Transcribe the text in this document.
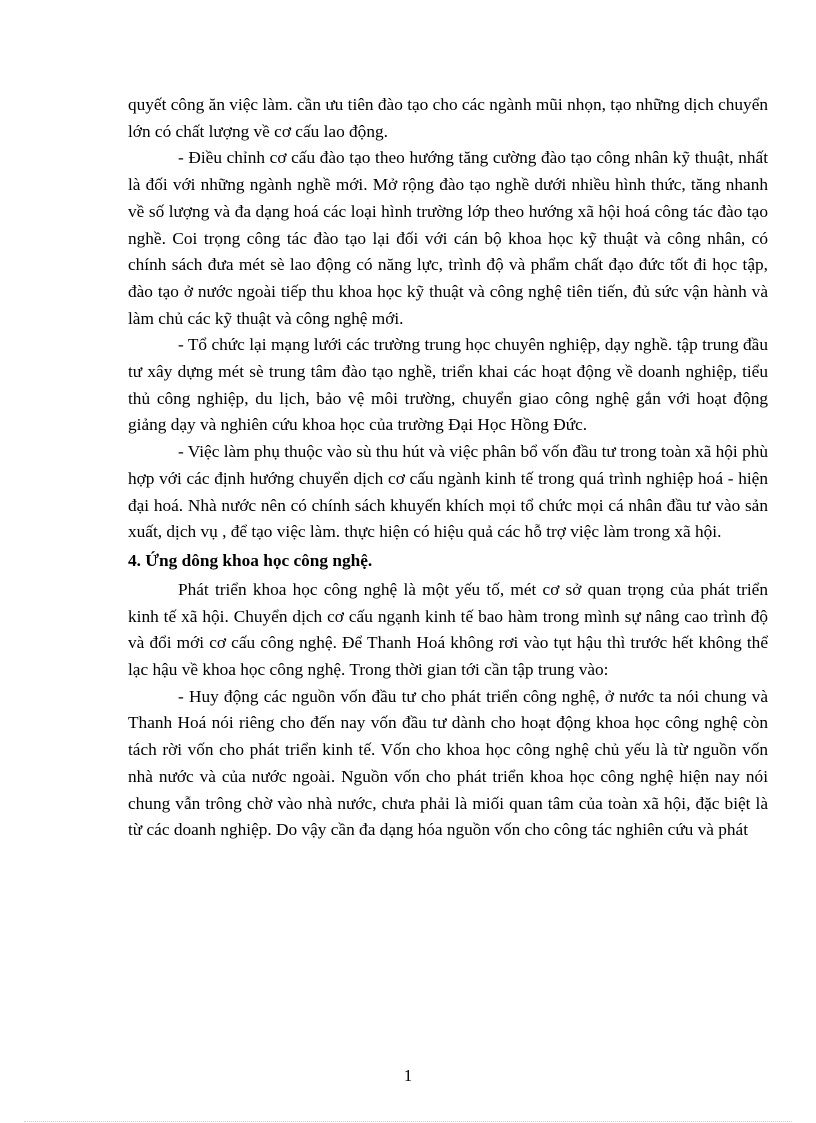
quyết công ăn việc làm. cần ưu tiên đào tạo cho các ngành mũi nhọn, tạo những dịch chuyển lớn có chất lượng về cơ cấu lao động.

- Điều chỉnh cơ cấu đào tạo theo hướng tăng cường đào tạo công nhân kỹ thuật, nhất là đối với những ngành nghề mới. Mở rộng đào tạo nghề dưới nhiều hình thức, tăng nhanh về số lượng và đa dạng hoá các loại hình trường lớp theo hướng xã hội hoá công tác đào tạo nghề. Coi trọng công tác đào tạo lại đối với cán bộ khoa học kỹ thuật và công nhân, có chính sách đưa mét sè lao động có năng lực, trình độ và phẩm chất đạo đức tốt đi học tập, đào tạo ở nước ngoài tiếp thu khoa học kỹ thuật và công nghệ tiên tiến, đủ sức vận hành và làm chủ các kỹ thuật và công nghệ mới.

- Tổ chức lại mạng lưới các trường trung học chuyên nghiệp, dạy nghề. tập trung đầu tư xây dựng mét sè trung tâm đào tạo nghề, triển khai các hoạt động về doanh nghiệp, tiểu thủ công nghiệp, du lịch, bảo vệ môi trường, chuyển giao công nghệ gắn với hoạt động giảng dạy và nghiên cứu khoa học của trường Đại Học Hồng Đức.

- Việc làm phụ thuộc vào sù thu hút và việc phân bổ vốn đầu tư trong toàn xã hội phù hợp với các định hướng chuyển dịch cơ cấu ngành kinh tế trong quá trình nghiệp hoá - hiện đại hoá. Nhà nước nên có chính sách khuyến khích mọi tổ chức mọi cá nhân đầu tư vào sản xuất, dịch vụ , để tạo việc làm. thực hiện có hiệu quả các hỗ trợ việc làm trong xã hội.

4. Ứng dông khoa học công nghệ.

Phát triển khoa học công nghệ là một yếu tố, mét cơ sở quan trọng của phát triển kinh tế xã hội. Chuyển dịch cơ cấu ngạnh kinh tế bao hàm trong mình sự nâng cao trình độ và đổi mới cơ cấu công nghệ. Để Thanh Hoá không rơi vào tụt hậu thì trước hết không thể lạc hậu về khoa học công nghệ. Trong thời gian tới cần tập trung vào:

- Huy động các nguồn vốn đầu tư cho phát triển công nghệ, ở nước ta nói chung và Thanh Hoá nói riêng cho đến nay vốn đầu tư dành cho hoạt động khoa học công nghệ còn tách rời vốn cho phát triển kinh tế. Vốn cho khoa học công nghệ chủ yếu là từ nguồn vốn nhà nước và của nước ngoài. Nguồn vốn cho phát triển khoa học công nghệ hiện nay nói chung vẫn trông chờ vào nhà nước, chưa phải là miối quan tâm của toàn xã hội, đặc biệt là từ các doanh nghiệp. Do vậy cần đa dạng hóa nguồn vốn cho công tác nghiên cứu và phát

1
